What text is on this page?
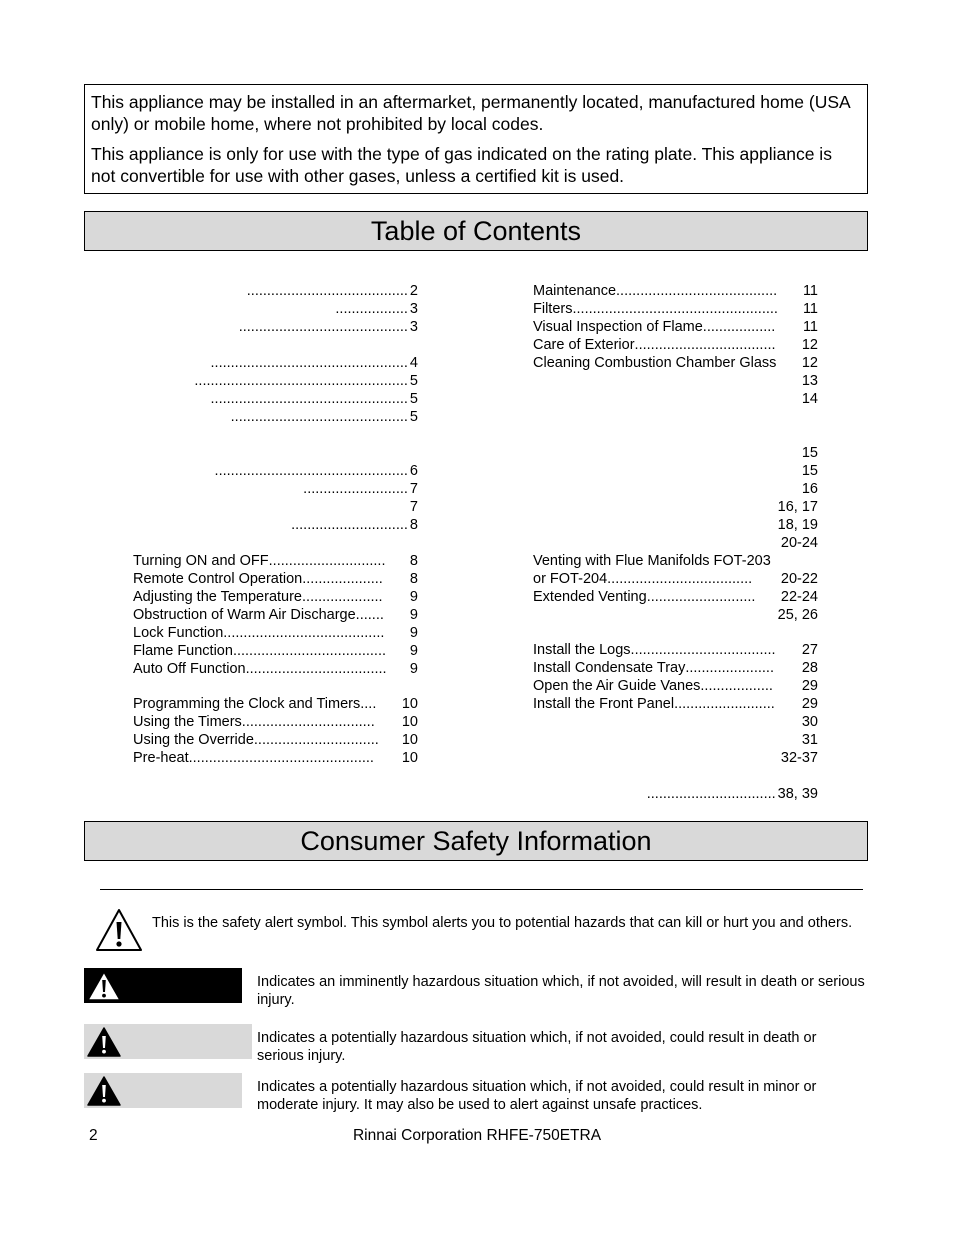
This appliance may be installed in an aftermarket, permanently located, manufactured home (USA only) or mobile home, where not prohibited by local codes.

This appliance is only for use with the type of gas indicated on the rating plate. This appliance is not convertible for use with other gases, unless a certified kit is used.

Table of Contents
........................................ 2
.................. 3
.......................................... 3
................................................. 4
..................................................... 5
................................................. 5
............................................ 5
................................................ 6
.......................... 7
7
............................. 8
Turning ON and OFF .............................	8
Remote Control Operation ....................	8
Adjusting the Temperature ....................	9
Obstruction of Warm Air Discharge .......	9
Lock Function ........................................	9
Flame Function ......................................	9
Auto Off Function ...................................	9
Programming the Clock and Timers ....	10
Using the Timers .................................	10
Using the Override ...............................	10
Pre-heat ..............................................	10
Maintenance ........................................	11
Filters ...................................................	11
Visual Inspection of Flame ..................	11
Care of Exterior ...................................	12
Cleaning Combustion Chamber Glass 12
13
14
15
15
16
16, 17
18, 19
20-24
Venting with Flue Manifolds FOT-203
or FOT-204 ....................................	20-22
Extended Venting ...........................	22-24
25, 26
Install the Logs ....................................	27
Install Condensate Tray ......................	28
Open the Air Guide Vanes ..................	29
Install the Front Panel .........................	29
30
31
32-37
................................ 38, 39
Consumer Safety Information
This is the safety alert symbol. This symbol alerts you to potential hazards that can kill or hurt you and others.
Indicates an imminently hazardous situation which, if not avoided, will result in death or serious injury.
Indicates a potentially hazardous situation which, if not avoided, could result in death or serious injury.
Indicates a potentially hazardous situation which, if not avoided, could result in minor or moderate injury. It may also be used to alert against unsafe practices.
2	Rinnai Corporation RHFE-750ETRA
